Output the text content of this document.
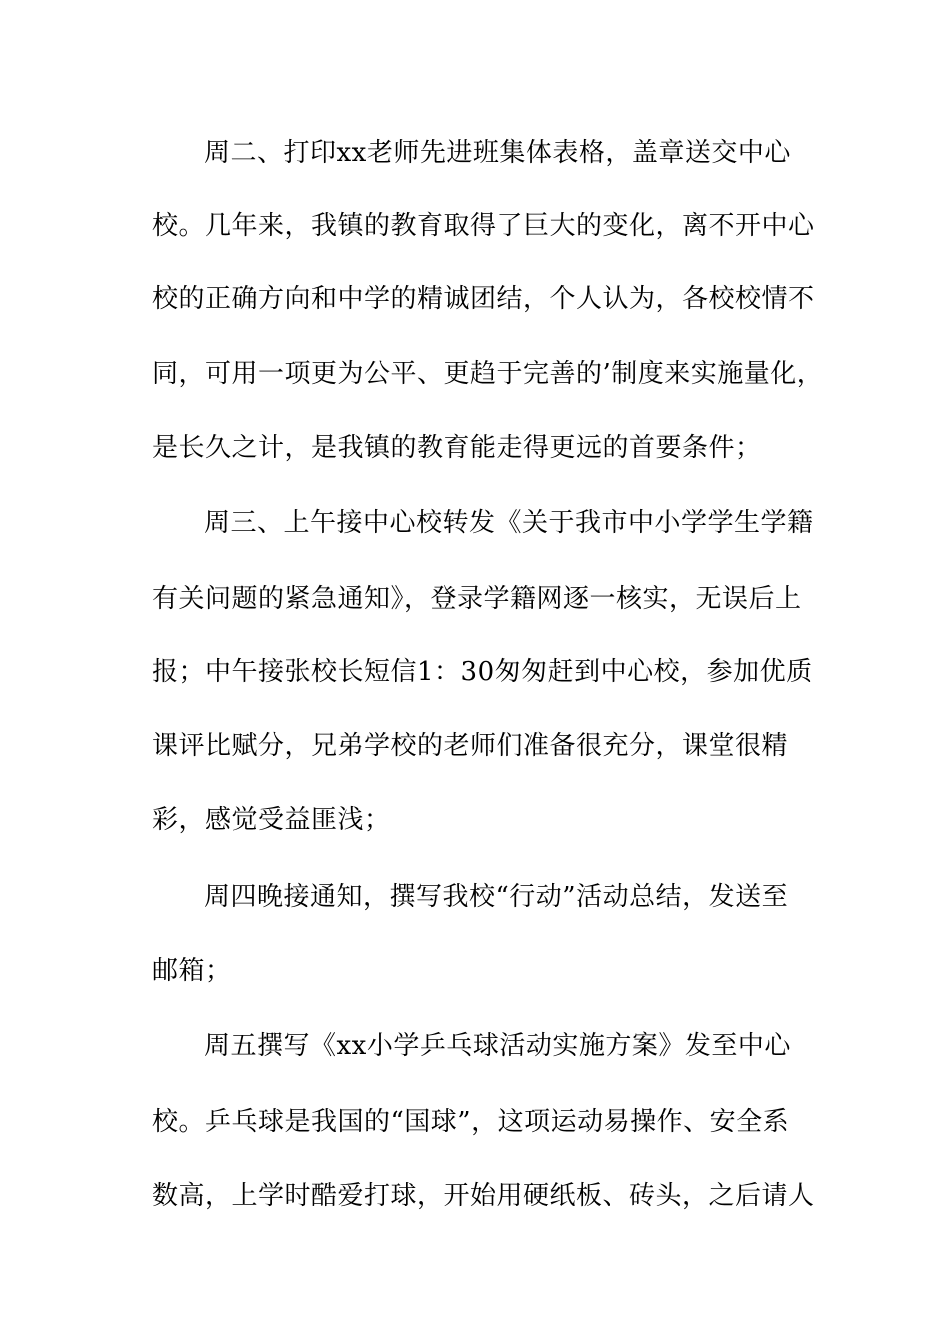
周二、打印xx老师先进班集体表格，盖章送交中心
校。几年来，我镇的教育取得了巨大的变化，离不开中心
校的正确方向和中学的精诚团结，个人认为，各校校情不
同，可用一项更为公平、更趋于完善的’制度来实施量化，
是长久之计，是我镇的教育能走得更远的首要条件；
周三、上午接中心校转发《关于我市中小学学生学籍
有关问题的紧急通知》，登录学籍网逐一核实，无误后上
报；中午接张校长短信1：30匆匆赶到中心校，参加优质
课评比赋分，兄弟学校的老师们准备很充分，课堂很精
彩，感觉受益匪浅；
周四晚接通知，撰写我校“行动”活动总结，发送至
邮箱；
周五撰写《xx小学乒乓球活动实施方案》发至中心
校。乒乓球是我国的“国球”，这项运动易操作、安全系
数高，上学时酷爱打球，开始用硬纸板、砖头，之后请人
